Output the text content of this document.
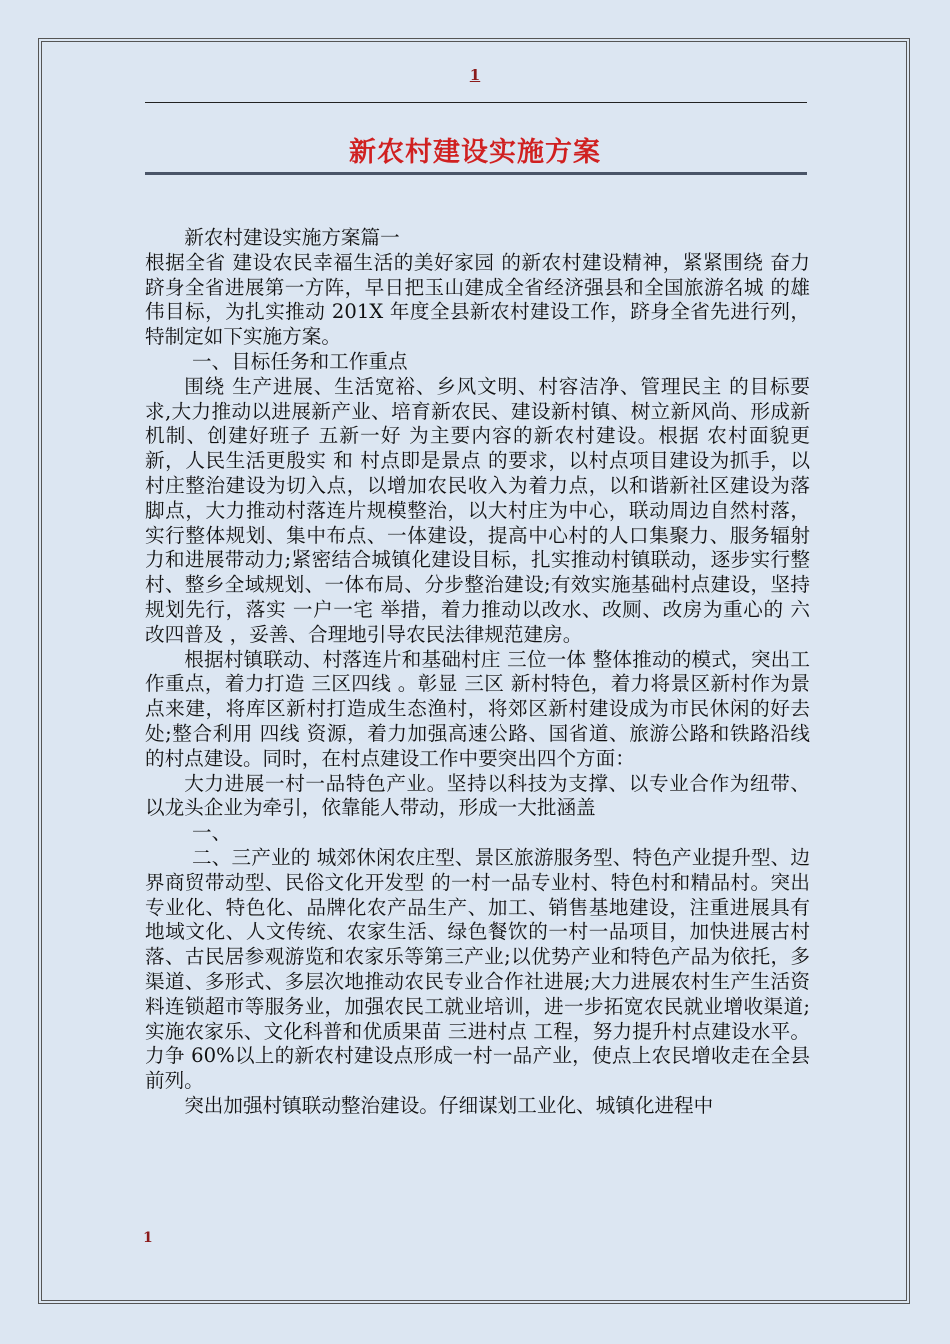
1
新农村建设实施方案

新农村建设实施方案篇一

根据全省 建设农民幸福生活的美好家园 的新农村建设精神，紧紧围绕 奋力跻身全省进展第一方阵，早日把玉山建成全省经济强县和全国旅游名城 的雄伟目标，为扎实推动 201X 年度全县新农村建设工作，跻身全省先进行列，特制定如下实施方案。

一、目标任务和工作重点

围绕 生产进展、生活宽裕、乡风文明、村容洁净、管理民主 的目标要求,大力推动以进展新产业、培育新农民、建设新村镇、树立新风尚、形成新机制、创建好班子 五新一好 为主要内容的新农村建设。根据 农村面貌更新，人民生活更殷实 和 村点即是景点 的要求，以村点项目建设为抓手，以村庄整治建设为切入点，以增加农民收入为着力点，以和谐新社区建设为落脚点，大力推动村落连片规模整治，以大村庄为中心，联动周边自然村落，实行整体规划、集中布点、一体建设，提高中心村的人口集聚力、服务辐射力和进展带动力;紧密结合城镇化建设目标，扎实推动村镇联动，逐步实行整村、整乡全域规划、一体布局、分步整治建设;有效实施基础村点建设，坚持规划先行，落实 一户一宅 举措，着力推动以改水、改厕、改房为重心的 六改四普及 ，妥善、合理地引导农民法律规范建房。

根据村镇联动、村落连片和基础村庄 三位一体 整体推动的模式，突出工作重点，着力打造 三区四线 。彰显 三区 新村特色，着力将景区新村作为景点来建，将库区新村打造成生态渔村，将郊区新村建设成为市民休闲的好去处;整合利用 四线 资源，着力加强高速公路、国省道、旅游公路和铁路沿线的村点建设。同时，在村点建设工作中要突出四个方面：

大力进展一村一品特色产业。坚持以科技为支撑、以专业合作为纽带、以龙头企业为牵引，依靠能人带动，形成一大批涵盖

一、

二、三产业的 城郊休闲农庄型、景区旅游服务型、特色产业提升型、边界商贸带动型、民俗文化开发型 的一村一品专业村、特色村和精品村。突出专业化、特色化、品牌化农产品生产、加工、销售基地建设，注重进展具有地域文化、人文传统、农家生活、绿色餐饮的一村一品项目，加快进展古村落、古民居参观游览和农家乐等第三产业;以优势产业和特色产品为依托，多渠道、多形式、多层次地推动农民专业合作社进展;大力进展农村生产生活资料连锁超市等服务业，加强农民工就业培训，进一步拓宽农民就业增收渠道;实施农家乐、文化科普和优质果苗 三进村点 工程，努力提升村点建设水平。力争 60%以上的新农村建设点形成一村一品产业，使点上农民增收走在全县前列。

突出加强村镇联动整治建设。仔细谋划工业化、城镇化进程中

1
